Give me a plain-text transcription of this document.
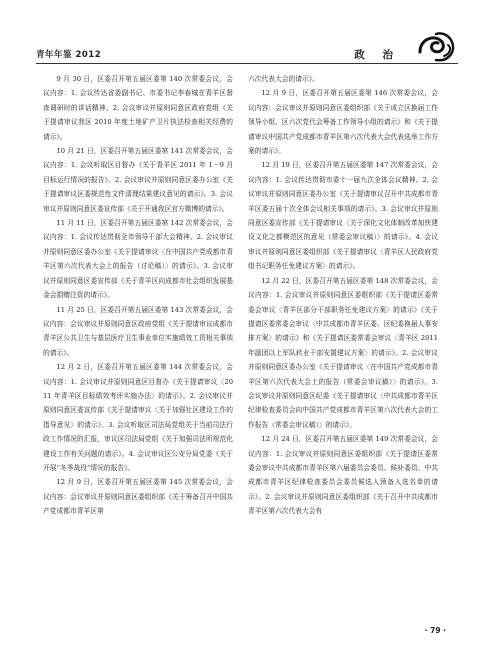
青年年鉴 2012	政 治

9 月 30 日，区委召开第五届区委第 140 次常委会议，会议内容：1. 会议传达省委副书记、市委书记李春城在青羊区督查调研时的讲话精神。2. 会议审议并原则同意区政府党组《关于提请审议我区 2010 年度土地矿产卫片执法检查相关经费的请示》。

10 月 21 日，区委召开第五届区委第 141 次常委会议，会议内容：1. 会议听取区目督办《关于青羊区 2011 年 1－9 月目标运行情况的报告》。2. 会议审议并原则同意区委办公室《关于提请审议区委规范性文件清理结果建议意见的请示》。3. 会议审议并原则同意区委宣传部《关于开通我区官方微博的请示》。

11 月 11 日，区委召开第五届区委第 142 次常委会议，会议内容：1. 会议传达贯彻全市领导干部大会精神。2. 会议审议并原则同意区委办公室《关于提请审议〈在中国共产党成都市青羊区第六次代表大会上的报告（讨论稿）〉的请示》。3. 会议审议并原则同意区委宣传部《关于青羊区向成都市社会组织发展基金会捐赠注资的请示》。

11 月 25 日，区委召开第五届区委第 143 次常委会议，会议内容：会议审议并原则同意区政府党组《关于提请审议成都市青羊区公共卫生与基层医疗卫生事业单位实施绩效工资相关事项的请示》。

12 月 2 日，区委召开第五届区委第 144 次常委会议，会议内容：1. 会议审议并原则同意区目督办《关于提请审议〈2011 年青羊区目标绩效考评实施办法〉的请示》。2. 会议审议并原则同意区委宣传部《关于提请审议〈关于加强社区建设工作的指导意见〉的请示》。3. 会议听取区司法局党组关于当前司法行政工作情况的汇报，审议区司法局党组《关于加强司法所规范化建设工作有关问题的请示》。4. 会议审议区公安分局党委《关于开展“冬季战役”情况的报告》。

12 月 9 日，区委召开第五届区委第 145 次常委会议，会议内容：会议审议并原则同意区委组织部《关于筹备召开中国共产党成都市青羊区第

六次代表大会的请示》。

12 月 9 日，区委召开第五届区委第 146 次常委会议，会议内容：会议审议并原则同意区委组织部《关于成立区换届工作领导小组、区六次党代会筹备工作领导小组的请示》和《关于提请审议中国共产党成都市青羊区第六次代表大会代表选举工作方案的请示》。

12 月 19 日，区委召开第五届区委第 147 次常委会议，会议内容：1. 会议传达贯彻市委十一届九次全体会议精神。2. 会议审议并原则同意区委办公室《关于提请审议召开中共成都市青羊区委五届十次全体会议相关事项的请示》。3. 会议审议并原则同意区委宣传部《关于提请审议〈关于深化文化体制改革加快建设文化之都模范区的意见（常委会审议稿）〉的请示》。4. 会议审议并原则同意区委组织部《关于提请审议〈青羊区人民政府党组书记职务任免建议方案〉的请示》。

12 月 22 日，区委召开第五届区委第 148 次常委会议，会议内容：1. 会议审议并原则同意区委组织部《关于提请区委常委会审议〈青羊区部分干部职务任免建议方案〉的请示》《关于提请区委常委会审议〈中共成都市青羊区委、区纪委换届人事安排方案〉的请示》和《关于提请区委常委会审议〈青羊区 2011 年副团以上军队转业干部安置建议方案〉的请示》。2. 会议审议并原则同意区委办公室《关于提请审议〈在中国共产党成都市青羊区第六次代表大会上的报告（常委会审议稿）〉的请示》。3. 会议审议并原则同意区纪委《关于提请审议〈中共成都市青羊区纪律检查委员会向中国共产党成都市青羊区第六次代表大会的工作报告（常委会审议稿）〉的请示》。

12 月 24 日，区委召开第五届区委第 149 次常委会议，会议内容：1. 会议审议并原则同意区委组织部《关于提请区委常委会审议中共成都市青羊区第六届委员会委员、候补委员、中共成都市青羊区纪律检查委员会委员候选人预备人选名单的请示》。2. 会议审议并原则同意区委组织部《关于召开中共成都市青羊区第六次代表大会有

· 79 ·
